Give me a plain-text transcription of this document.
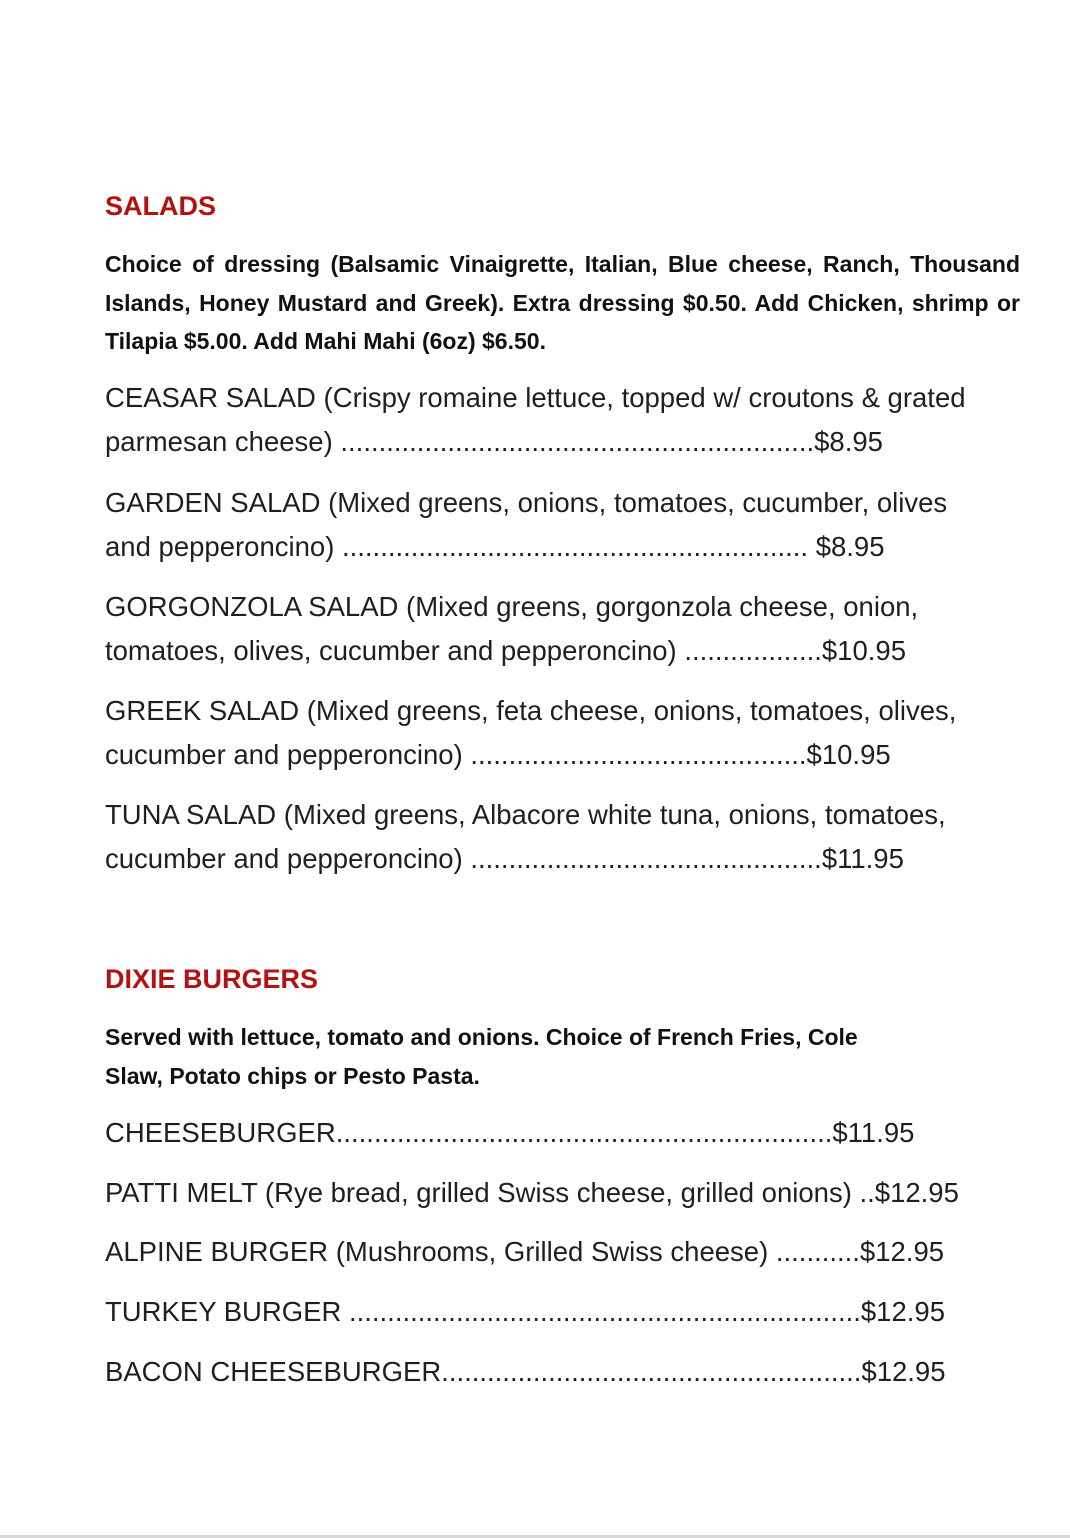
SALADS

Choice of dressing (Balsamic Vinaigrette, Italian, Blue cheese, Ranch, Thousand Islands, Honey Mustard and Greek). Extra dressing $0.50. Add Chicken, shrimp or Tilapia $5.00. Add Mahi Mahi (6oz) $6.50.

CEASAR SALAD (Crispy romaine lettuce, topped w/ croutons & grated
parmesan cheese) ..............................................................$8.95

GARDEN SALAD (Mixed greens, onions, tomatoes, cucumber, olives
and pepperoncino) ............................................................. $8.95

GORGONZOLA SALAD (Mixed greens, gorgonzola cheese, onion,
tomatoes, olives, cucumber and pepperoncino) ..................$10.95

GREEK SALAD (Mixed greens, feta cheese, onions, tomatoes, olives,
cucumber and pepperoncino) ............................................$10.95

TUNA SALAD (Mixed greens, Albacore white tuna, onions, tomatoes,
cucumber and pepperoncino) ..............................................$11.95

DIXIE BURGERS

Served with lettuce, tomato and onions. Choice of French Fries, Cole
Slaw, Potato chips or Pesto Pasta.

CHEESEBURGER.................................................................$11.95

PATTI MELT (Rye bread, grilled Swiss cheese, grilled onions) ..$12.95

ALPINE BURGER (Mushrooms, Grilled Swiss cheese) ...........$12.95

TURKEY BURGER ...................................................................$12.95

BACON CHEESEBURGER.......................................................$12.95
